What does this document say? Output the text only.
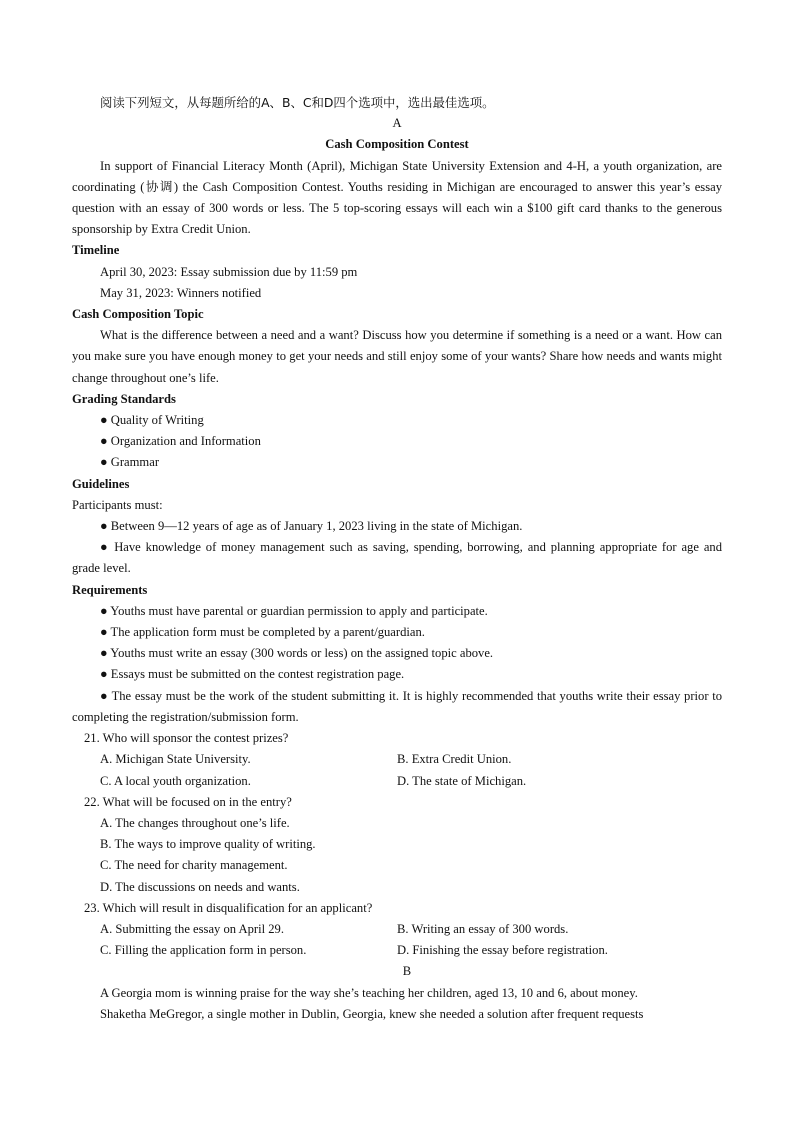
阅读下列短文，从每题所给的A、B、C和D四个选项中，选出最佳选项。

A

Cash Composition Contest

In support of Financial Literacy Month (April), Michigan State University Extension and 4-H, a youth organization, are coordinating (协调) the Cash Composition Contest. Youths residing in Michigan are encouraged to answer this year’s essay question with an essay of 300 words or less. The 5 top-scoring essays will each win a $100 gift card thanks to the generous sponsorship by Extra Credit Union.

Timeline

April 30, 2023: Essay submission due by 11:59 pm

May 31, 2023: Winners notified

Cash Composition Topic

What is the difference between a need and a want? Discuss how you determine if something is a need or a want. How can you make sure you have enough money to get your needs and still enjoy some of your wants? Share how needs and wants might change throughout one’s life.

Grading Standards

● Quality of Writing

● Organization and Information

● Grammar

Guidelines

Participants must:

● Between 9—12 years of age as of January 1, 2023 living in the state of Michigan.

● Have knowledge of money management such as saving, spending, borrowing, and planning appropriate for age and grade level.

Requirements

● Youths must have parental or guardian permission to apply and participate.

● The application form must be completed by a parent/guardian.

● Youths must write an essay (300 words or less) on the assigned topic above.

● Essays must be submitted on the contest registration page.

● The essay must be the work of the student submitting it. It is highly recommended that youths write their essay prior to completing the registration/submission form.

21. Who will sponsor the contest prizes?

A. Michigan State University.	B. Extra Credit Union.
C. A local youth organization.	D. The state of Michigan.

22. What will be focused on in the entry?

A. The changes throughout one’s life.

B. The ways to improve quality of writing.

C. The need for charity management.

D. The discussions on needs and wants.

23. Which will result in disqualification for an applicant?

A. Submitting the essay on April 29.	B. Writing an essay of 300 words.
C. Filling the application form in person.	D. Finishing the essay before registration.

B

A Georgia mom is winning praise for the way she’s teaching her children, aged 13, 10 and 6, about money.

Shaketha MeGregor, a single mother in Dublin, Georgia, knew she needed a solution after frequent requests
